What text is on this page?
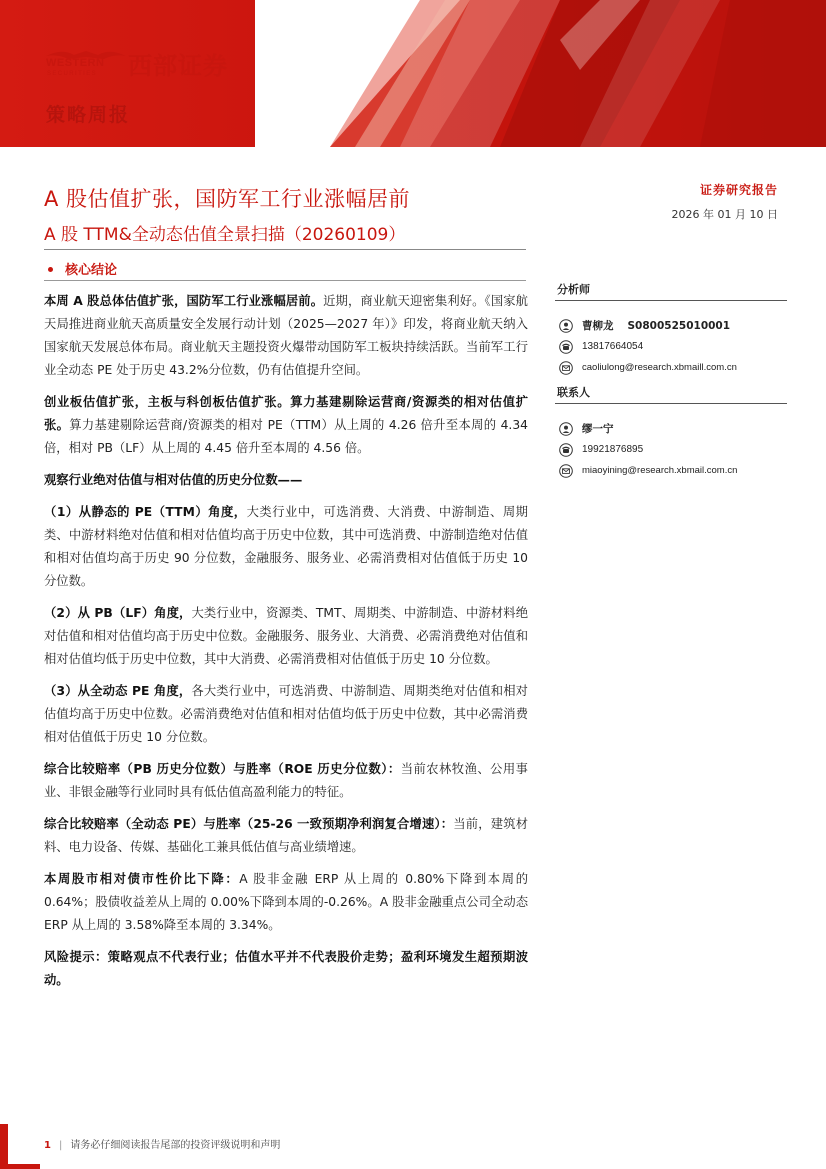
WESTERN
SECURITIES 西部证券
策略周报
A 股估值扩张，国防军工行业涨幅居前
A 股 TTM&全动态估值全景扫描（20260109）
证券研究报告
2026 年 01 月 10 日
核心结论

本周 A 股总体估值扩张，国防军工行业涨幅居前。近期，商业航天迎密集利好。《国家航天局推进商业航天高质量安全发展行动计划（2025—2027 年）》印发，将商业航天纳入国家航天发展总体布局。商业航天主题投资火爆带动国防军工板块持续活跃。当前军工行业全动态 PE 处于历史 43.2%分位数，仍有估值提升空间。

创业板估值扩张，主板与科创板估值扩张。算力基建剔除运营商/资源类的相对估值扩张。算力基建剔除运营商/资源类的相对 PE（TTM）从上周的 4.26 倍升至本周的 4.34 倍，相对 PB（LF）从上周的 4.45 倍升至本周的 4.56 倍。

观察行业绝对估值与相对估值的历史分位数——

（1）从静态的 PE（TTM）角度，大类行业中，可选消费、大消费、中游制造、周期类、中游材料绝对估值和相对估值均高于历史中位数，其中可选消费、中游制造绝对估值和相对估值均高于历史 90 分位数，金融服务、服务业、必需消费相对估值低于历史 10 分位数。

（2）从 PB（LF）角度，大类行业中，资源类、TMT、周期类、中游制造、中游材料绝对估值和相对估值均高于历史中位数。金融服务、服务业、大消费、必需消费绝对估值和相对估值均低于历史中位数，其中大消费、必需消费相对估值低于历史 10 分位数。

（3）从全动态 PE 角度，各大类行业中，可选消费、中游制造、周期类绝对估值和相对估值均高于历史中位数。必需消费绝对估值和相对估值均低于历史中位数，其中必需消费相对估值低于历史 10 分位数。

综合比较赔率（PB 历史分位数）与胜率（ROE 历史分位数）：当前农林牧渔、公用事业、非银金融等行业同时具有低估值高盈利能力的特征。

综合比较赔率（全动态 PE）与胜率（25-26 一致预期净利润复合增速）：当前，建筑材料、电力设备、传媒、基础化工兼具低估值与高业绩增速。

本周股市相对债市性价比下降：A 股非金融 ERP 从上周的 0.80%下降到本周的 0.64%；股债收益差从上周的 0.00%下降到本周的-0.26%。A 股非金融重点公司全动态 ERP 从上周的 3.58%降至本周的 3.34%。

风险提示：策略观点不代表行业；估值水平并不代表股价走势；盈利环境发生超预期波动。

分析师
曹柳龙 S0800525010001
13817664054
caoliulong@research.xbmaill.com.cn
联系人
缪一宁
19921876895
miaoyining@research.xbmail.com.cn
1 | 请务必仔细阅读报告尾部的投资评级说明和声明
